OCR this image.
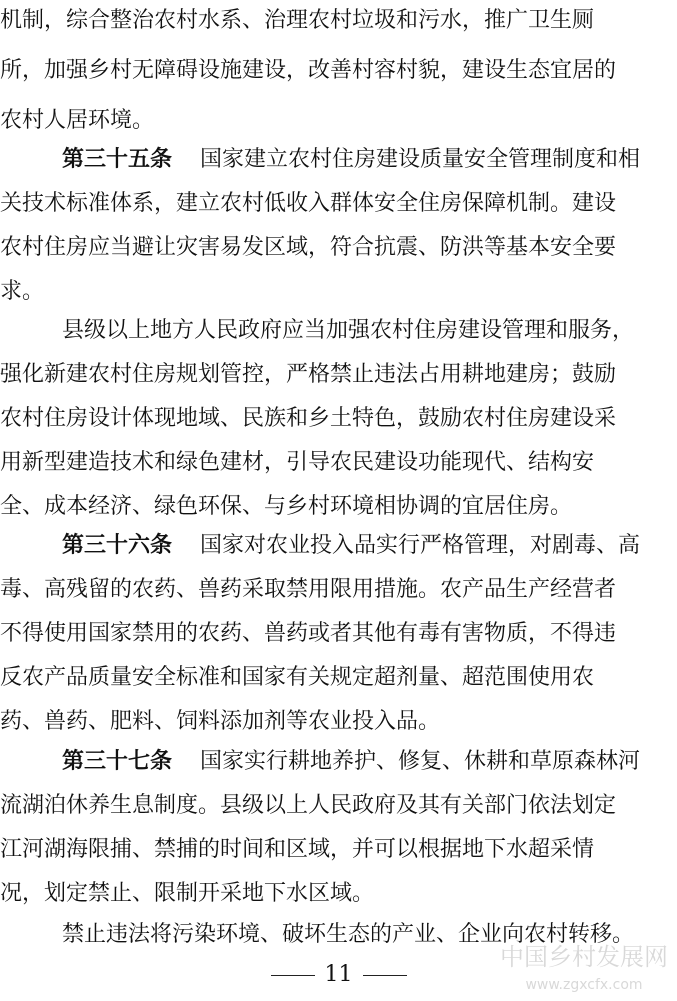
机制，综合整治农村水系、治理农村垃圾和污水，推广卫生厕
所，加强乡村无障碍设施建设，改善村容村貌，建设生态宜居的
农村人居环境。
第三十五条 国家建立农村住房建设质量安全管理制度和相
关技术标准体系，建立农村低收入群体安全住房保障机制。建设
农村住房应当避让灾害易发区域，符合抗震、防洪等基本安全要
求。
县级以上地方人民政府应当加强农村住房建设管理和服务，
强化新建农村住房规划管控，严格禁止违法占用耕地建房；鼓励
农村住房设计体现地域、民族和乡土特色，鼓励农村住房建设采
用新型建造技术和绿色建材，引导农民建设功能现代、结构安
全、成本经济、绿色环保、与乡村环境相协调的宜居住房。
第三十六条 国家对农业投入品实行严格管理，对剧毒、高
毒、高残留的农药、兽药采取禁用限用措施。农产品生产经营者
不得使用国家禁用的农药、兽药或者其他有毒有害物质，不得违
反农产品质量安全标准和国家有关规定超剂量、超范围使用农
药、兽药、肥料、饲料添加剂等农业投入品。
第三十七条 国家实行耕地养护、修复、休耕和草原森林河
流湖泊休养生息制度。县级以上人民政府及其有关部门依法划定
江河湖海限捕、禁捕的时间和区域，并可以根据地下水超采情
况，划定禁止、限制开采地下水区域。
禁止违法将污染环境、破坏生态的产业、企业向农村转移。
11
中国乡村发展网
www.zgxcfx.com
